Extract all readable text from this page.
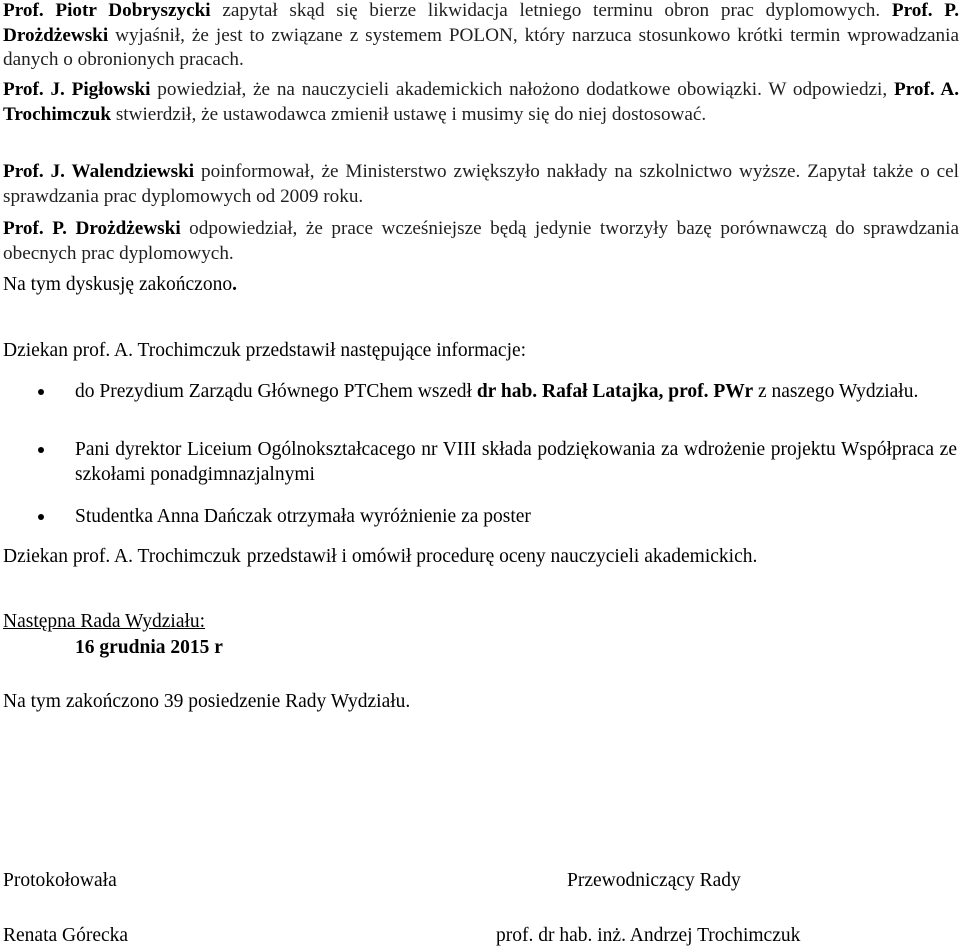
Prof. Piotr Dobryszycki zapytał skąd się bierze likwidacja letniego terminu obron prac dyplomowych. Prof. P. Drożdżewski wyjaśnił, że jest to związane z systemem POLON, który narzuca stosunkowo krótki termin wprowadzania danych o obronionych pracach.

Prof. J. Pigłowski powiedział, że na nauczycieli akademickich nałożono dodatkowe obowiązki. W odpowiedzi, Prof. A. Trochimczuk stwierdził, że ustawodawca zmienił ustawę i musimy się do niej dostosować.

Prof. J. Walendziewski poinformował, że Ministerstwo zwiększyło nakłady na szkolnictwo wyższe. Zapytał także o cel sprawdzania prac dyplomowych od 2009 roku.

Prof. P. Drożdżewski odpowiedział, że prace wcześniejsze będą jedynie tworzyły bazę porównawczą do sprawdzania obecnych prac dyplomowych.

Na tym dyskusję zakończono.

Dziekan prof. A. Trochimczuk przedstawił następujące informacje:

do Prezydium Zarządu Głównego PTChem wszedł dr hab. Rafał Latajka, prof. PWr z naszego Wydziału.

Pani dyrektor Liceium Ogólnokształcacego nr VIII składa podziękowania za wdrożenie projektu Współpraca ze szkołami ponadgimnazjalnymi

Studentka Anna Dańczak otrzymała wyróżnienie za poster

Dziekan prof. A. Trochimczuk przedstawił i omówił procedurę oceny nauczycieli akademickich.

Następna Rada Wydziału:

16 grudnia 2015 r

Na tym zakończono 39 posiedzenie Rady Wydziału.

Protokołowała

Renata Górecka

Przewodniczący Rady

prof. dr hab. inż. Andrzej Trochimczuk
